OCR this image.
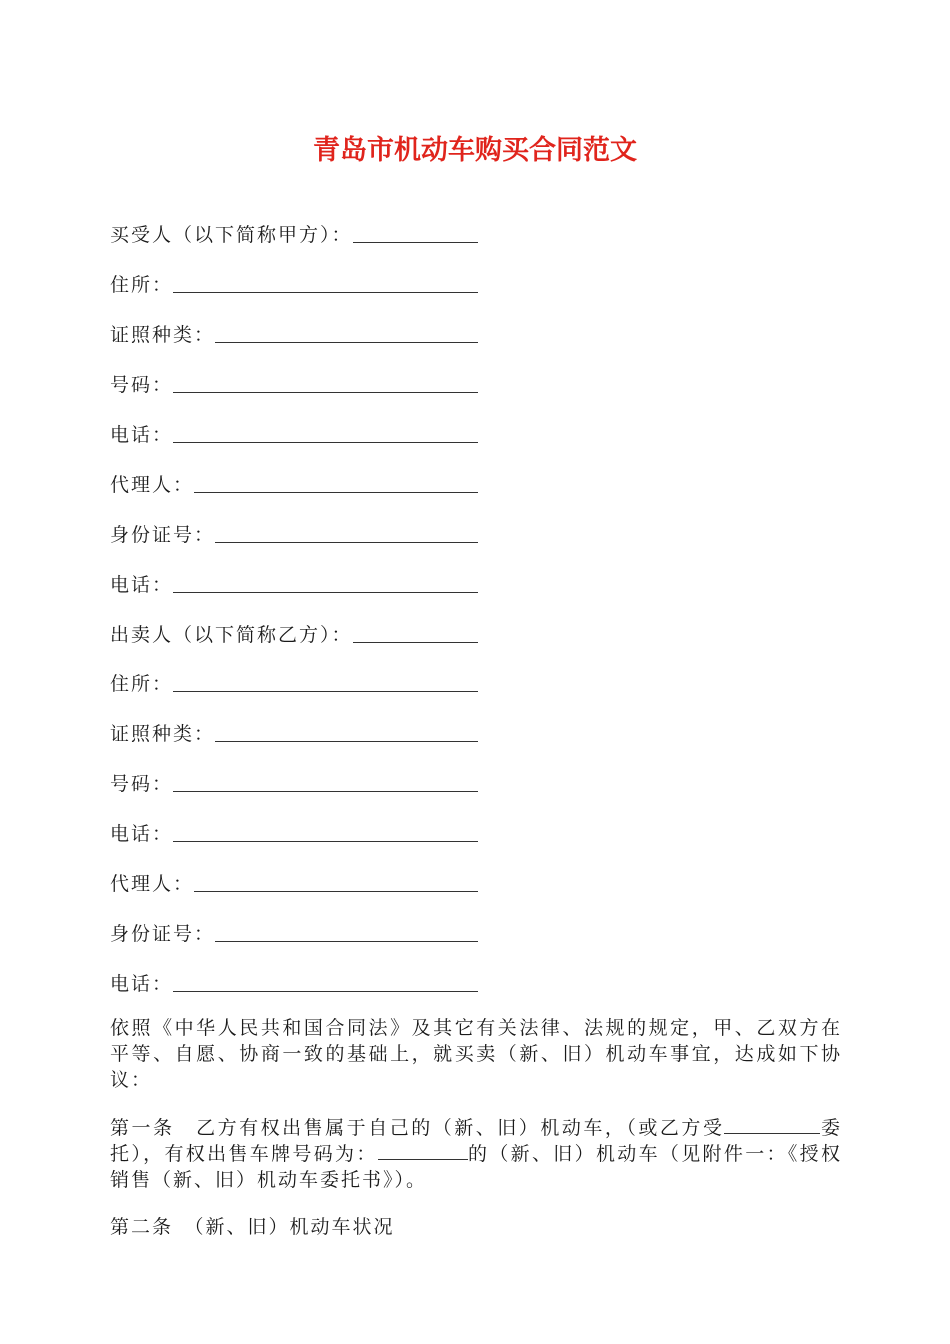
青岛市机动车购买合同范文
买受人（以下简称甲方）：
住所：
证照种类：
号码：
电话：
代理人：
身份证号：
电话：
出卖人（以下简称乙方）：
住所：
证照种类：
号码：
电话：
代理人：
身份证号：
电话：
依照《中华人民共和国合同法》及其它有关法律、法规的规定，甲、乙双方在平等、自愿、协商一致的基础上，就买卖（新、旧）机动车事宜，达成如下协议：
第一条　乙方有权出售属于自己的（新、旧）机动车，（或乙方受	委托），有权出售车牌号码为：	的（新、旧）机动车（见附件一：《授权销售（新、旧）机动车委托书》）。
第二条　（新、旧）机动车状况
